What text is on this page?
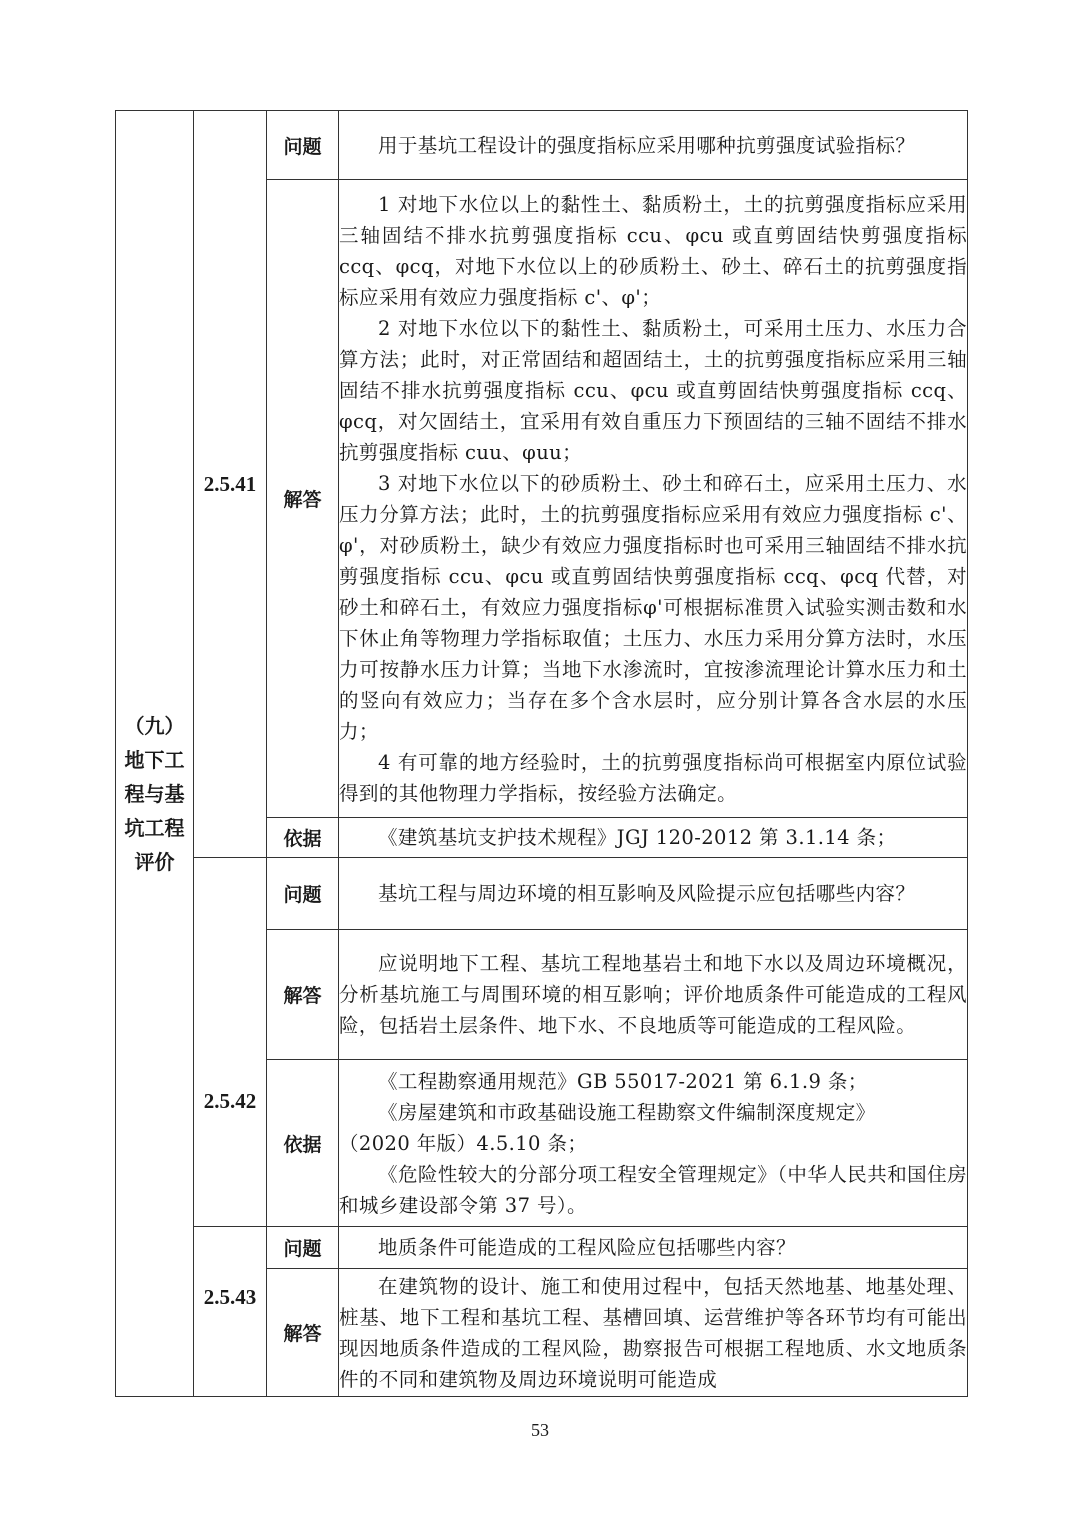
（九）
地下工
程与基
坑工程
评价	2.5.41	问题	用于基坑工程设计的强度指标应采用哪种抗剪强度试验指标？

		解答	1 对地下水位以上的黏性土、黏质粉土，土的抗剪强度指标应采用三轴固结不排水抗剪强度指标 ccu、φcu 或直剪固结快剪强度指标 ccq、φcq，对地下水位以上的砂质粉土、砂土、碎石土的抗剪强度指标应采用有效应力强度指标 c'、φ'；

2 对地下水位以下的黏性土、黏质粉土，可采用土压力、水压力合算方法；此时，对正常固结和超固结土，土的抗剪强度指标应采用三轴固结不排水抗剪强度指标 ccu、φcu 或直剪固结快剪强度指标 ccq、φcq，对欠固结土，宜采用有效自重压力下预固结的三轴不固结不排水抗剪强度指标 cuu、φuu；

3 对地下水位以下的砂质粉土、砂土和碎石土，应采用土压力、水压力分算方法；此时，土的抗剪强度指标应采用有效应力强度指标 c'、φ'，对砂质粉土，缺少有效应力强度指标时也可采用三轴固结不排水抗剪强度指标 ccu、φcu 或直剪固结快剪强度指标 ccq、φcq 代替，对砂土和碎石土，有效应力强度指标φ'可根据标准贯入试验实测击数和水下休止角等物理力学指标取值；土压力、水压力采用分算方法时，水压力可按静水压力计算；当地下水渗流时，宜按渗流理论计算水压力和土的竖向有效应力；当存在多个含水层时，应分别计算各含水层的水压力；

4 有可靠的地方经验时，土的抗剪强度指标尚可根据室内原位试验得到的其他物理力学指标，按经验方法确定。

		依据	《建筑基坑支护技术规程》JGJ 120-2012 第 3.1.14 条；

	2.5.42	问题	基坑工程与周边环境的相互影响及风险提示应包括哪些内容？

		解答	应说明地下工程、基坑工程地基岩土和地下水以及周边环境概况，分析基坑施工与周围环境的相互影响；评价地质条件可能造成的工程风险，包括岩土层条件、地下水、不良地质等可能造成的工程风险。

		依据	《工程勘察通用规范》GB 55017-2021 第 6.1.9 条；

《房屋建筑和市政基础设施工程勘察文件编制深度规定》

（2020 年版）4.5.10 条；

《危险性较大的分部分项工程安全管理规定》（中华人民共和国住房和城乡建设部令第 37 号）。

	2.5.43	问题	地质条件可能造成的工程风险应包括哪些内容？

		解答	在建筑物的设计、施工和使用过程中，包括天然地基、地基处理、桩基、地下工程和基坑工程、基槽回填、运营维护等各环节均有可能出现因地质条件造成的工程风险，勘察报告可根据工程地质、水文地质条件的不同和建筑物及周边环境说明可能造成

53
